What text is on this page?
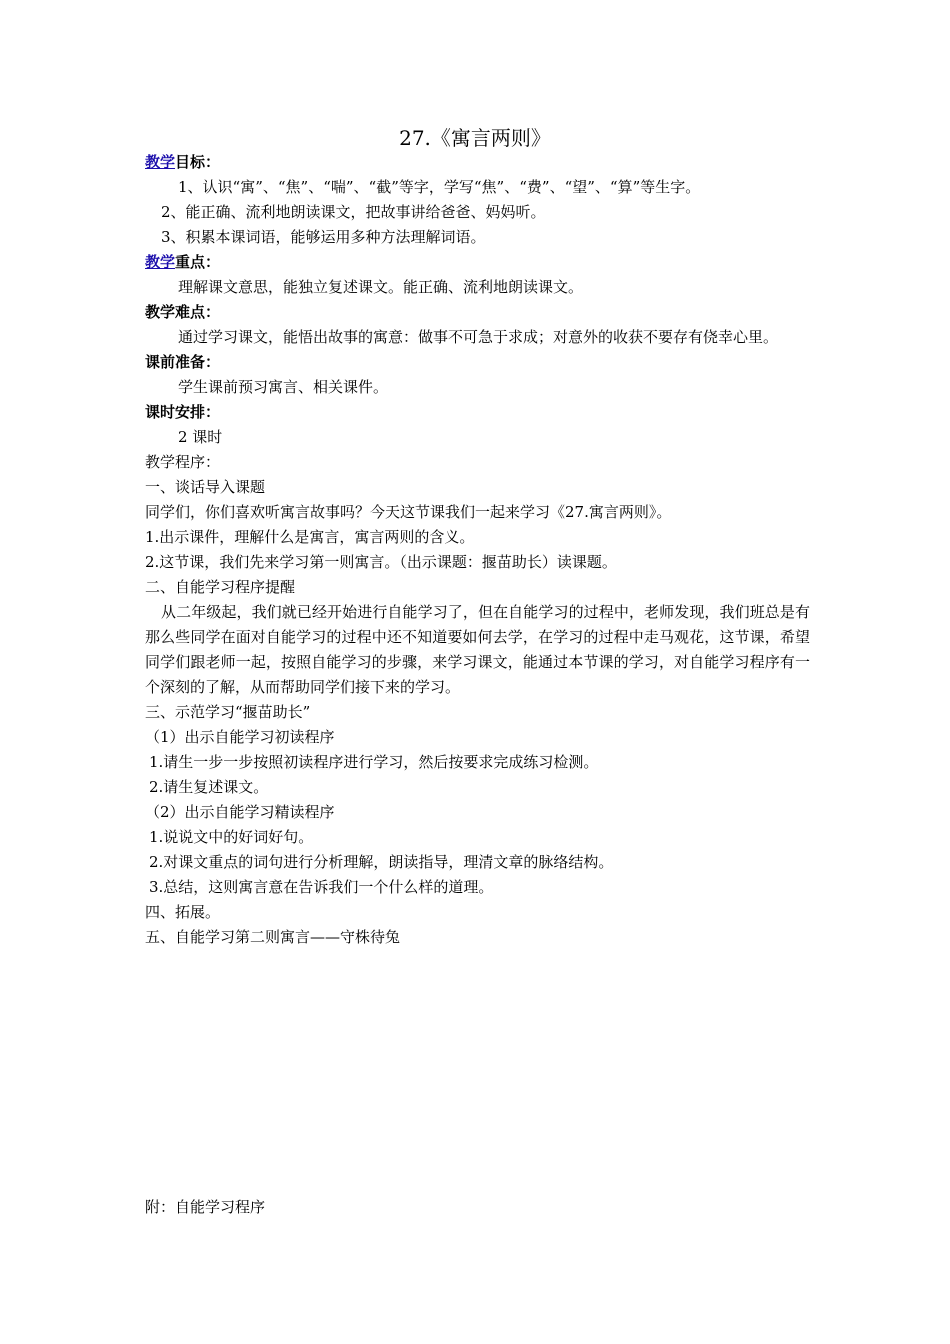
27.《寓言两则》

教学目标：

1、认识“寓”、“焦”、“喘”、“截”等字，学写“焦”、“费”、“望”、“算”等生字。

2、能正确、流利地朗读课文，把故事讲给爸爸、妈妈听。

3、积累本课词语，能够运用多种方法理解词语。

教学重点：

理解课文意思，能独立复述课文。能正确、流利地朗读课文。

教学难点：

通过学习课文，能悟出故事的寓意：做事不可急于求成；对意外的收获不要存有侥幸心里。

课前准备：

学生课前预习寓言、相关课件。

课时安排：

2 课时

教学程序：

一、谈话导入课题

同学们，你们喜欢听寓言故事吗？今天这节课我们一起来学习《27.寓言两则》。

1.出示课件，理解什么是寓言，寓言两则的含义。

2.这节课，我们先来学习第一则寓言。（出示课题：揠苗助长）读课题。

二、自能学习程序提醒

从二年级起，我们就已经开始进行自能学习了，但在自能学习的过程中，老师发现，我们班总是有那么些同学在面对自能学习的过程中还不知道要如何去学，在学习的过程中走马观花，这节课，希望同学们跟老师一起，按照自能学习的步骤，来学习课文，能通过本节课的学习，对自能学习程序有一个深刻的了解，从而帮助同学们接下来的学习。

三、示范学习“揠苗助长”

（1）出示自能学习初读程序

1.请生一步一步按照初读程序进行学习，然后按要求完成练习检测。

2.请生复述课文。

（2）出示自能学习精读程序

1.说说文中的好词好句。

2.对课文重点的词句进行分析理解，朗读指导，理清文章的脉络结构。

3.总结，这则寓言意在告诉我们一个什么样的道理。

四、拓展。

五、自能学习第二则寓言——守株待兔

附：自能学习程序
